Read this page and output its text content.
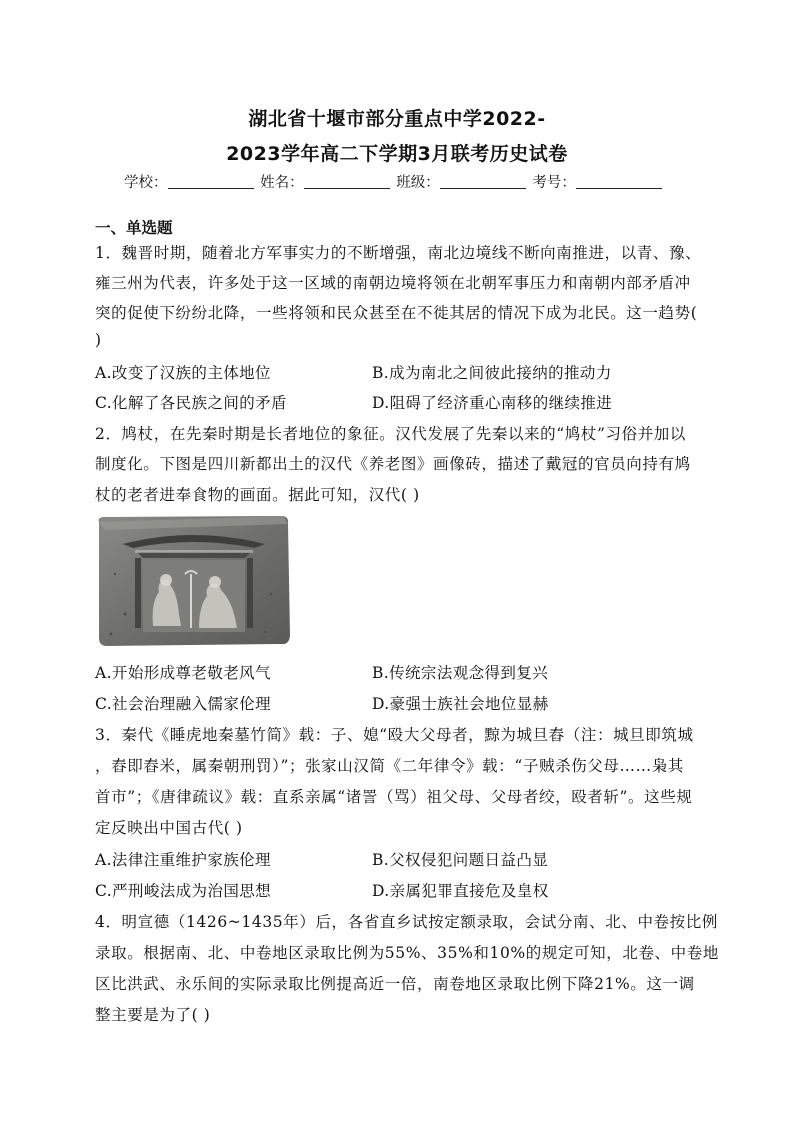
湖北省十堰市部分重点中学2022-
2023学年高二下学期3月联考历史试卷
学校：	姓名：	班级：	考号：
一、单选题
1．魏晋时期，随着北方军事实力的不断增强，南北边境线不断向南推进，以青、豫、
雍三州为代表，许多处于这一区域的南朝边境将领在北朝军事压力和南朝内部矛盾冲
突的促使下纷纷北降，一些将领和民众甚至在不徙其居的情况下成为北民。这一趋势(
)
A.改变了汉族的主体地位	B.成为南北之间彼此接纳的推动力
C.化解了各民族之间的矛盾	D.阻碍了经济重心南移的继续推进
2．鸠杖，在先秦时期是长者地位的象征。汉代发展了先秦以来的“鸠杖”习俗并加以
制度化。下图是四川新都出土的汉代《养老图》画像砖，描述了戴冠的官员向持有鸠
杖的老者进奉食物的画面。据此可知，汉代( )
A.开始形成尊老敬老风气	B.传统宗法观念得到复兴
C.社会治理融入儒家伦理	D.豪强士族社会地位显赫
3．秦代《睡虎地秦墓竹简》载：子、媳“殴大父母者，黥为城旦舂（注：城旦即筑城
，舂即舂米，属秦朝刑罚）”；张家山汉简《二年律令》载：“子贼杀伤父母……枭其
首市”；《唐律疏议》载：直系亲属“诸詈（骂）祖父母、父母者绞，殴者斩”。这些规
定反映出中国古代( )
A.法律注重维护家族伦理	B.父权侵犯问题日益凸显
C.严刑峻法成为治国思想	D.亲属犯罪直接危及皇权
4．明宣德（1426~1435年）后，各省直乡试按定额录取，会试分南、北、中卷按比例
录取。根据南、北、中卷地区录取比例为55%、35%和10%的规定可知，北卷、中卷地
区比洪武、永乐间的实际录取比例提高近一倍，南卷地区录取比例下降21%。这一调
整主要是为了( )
